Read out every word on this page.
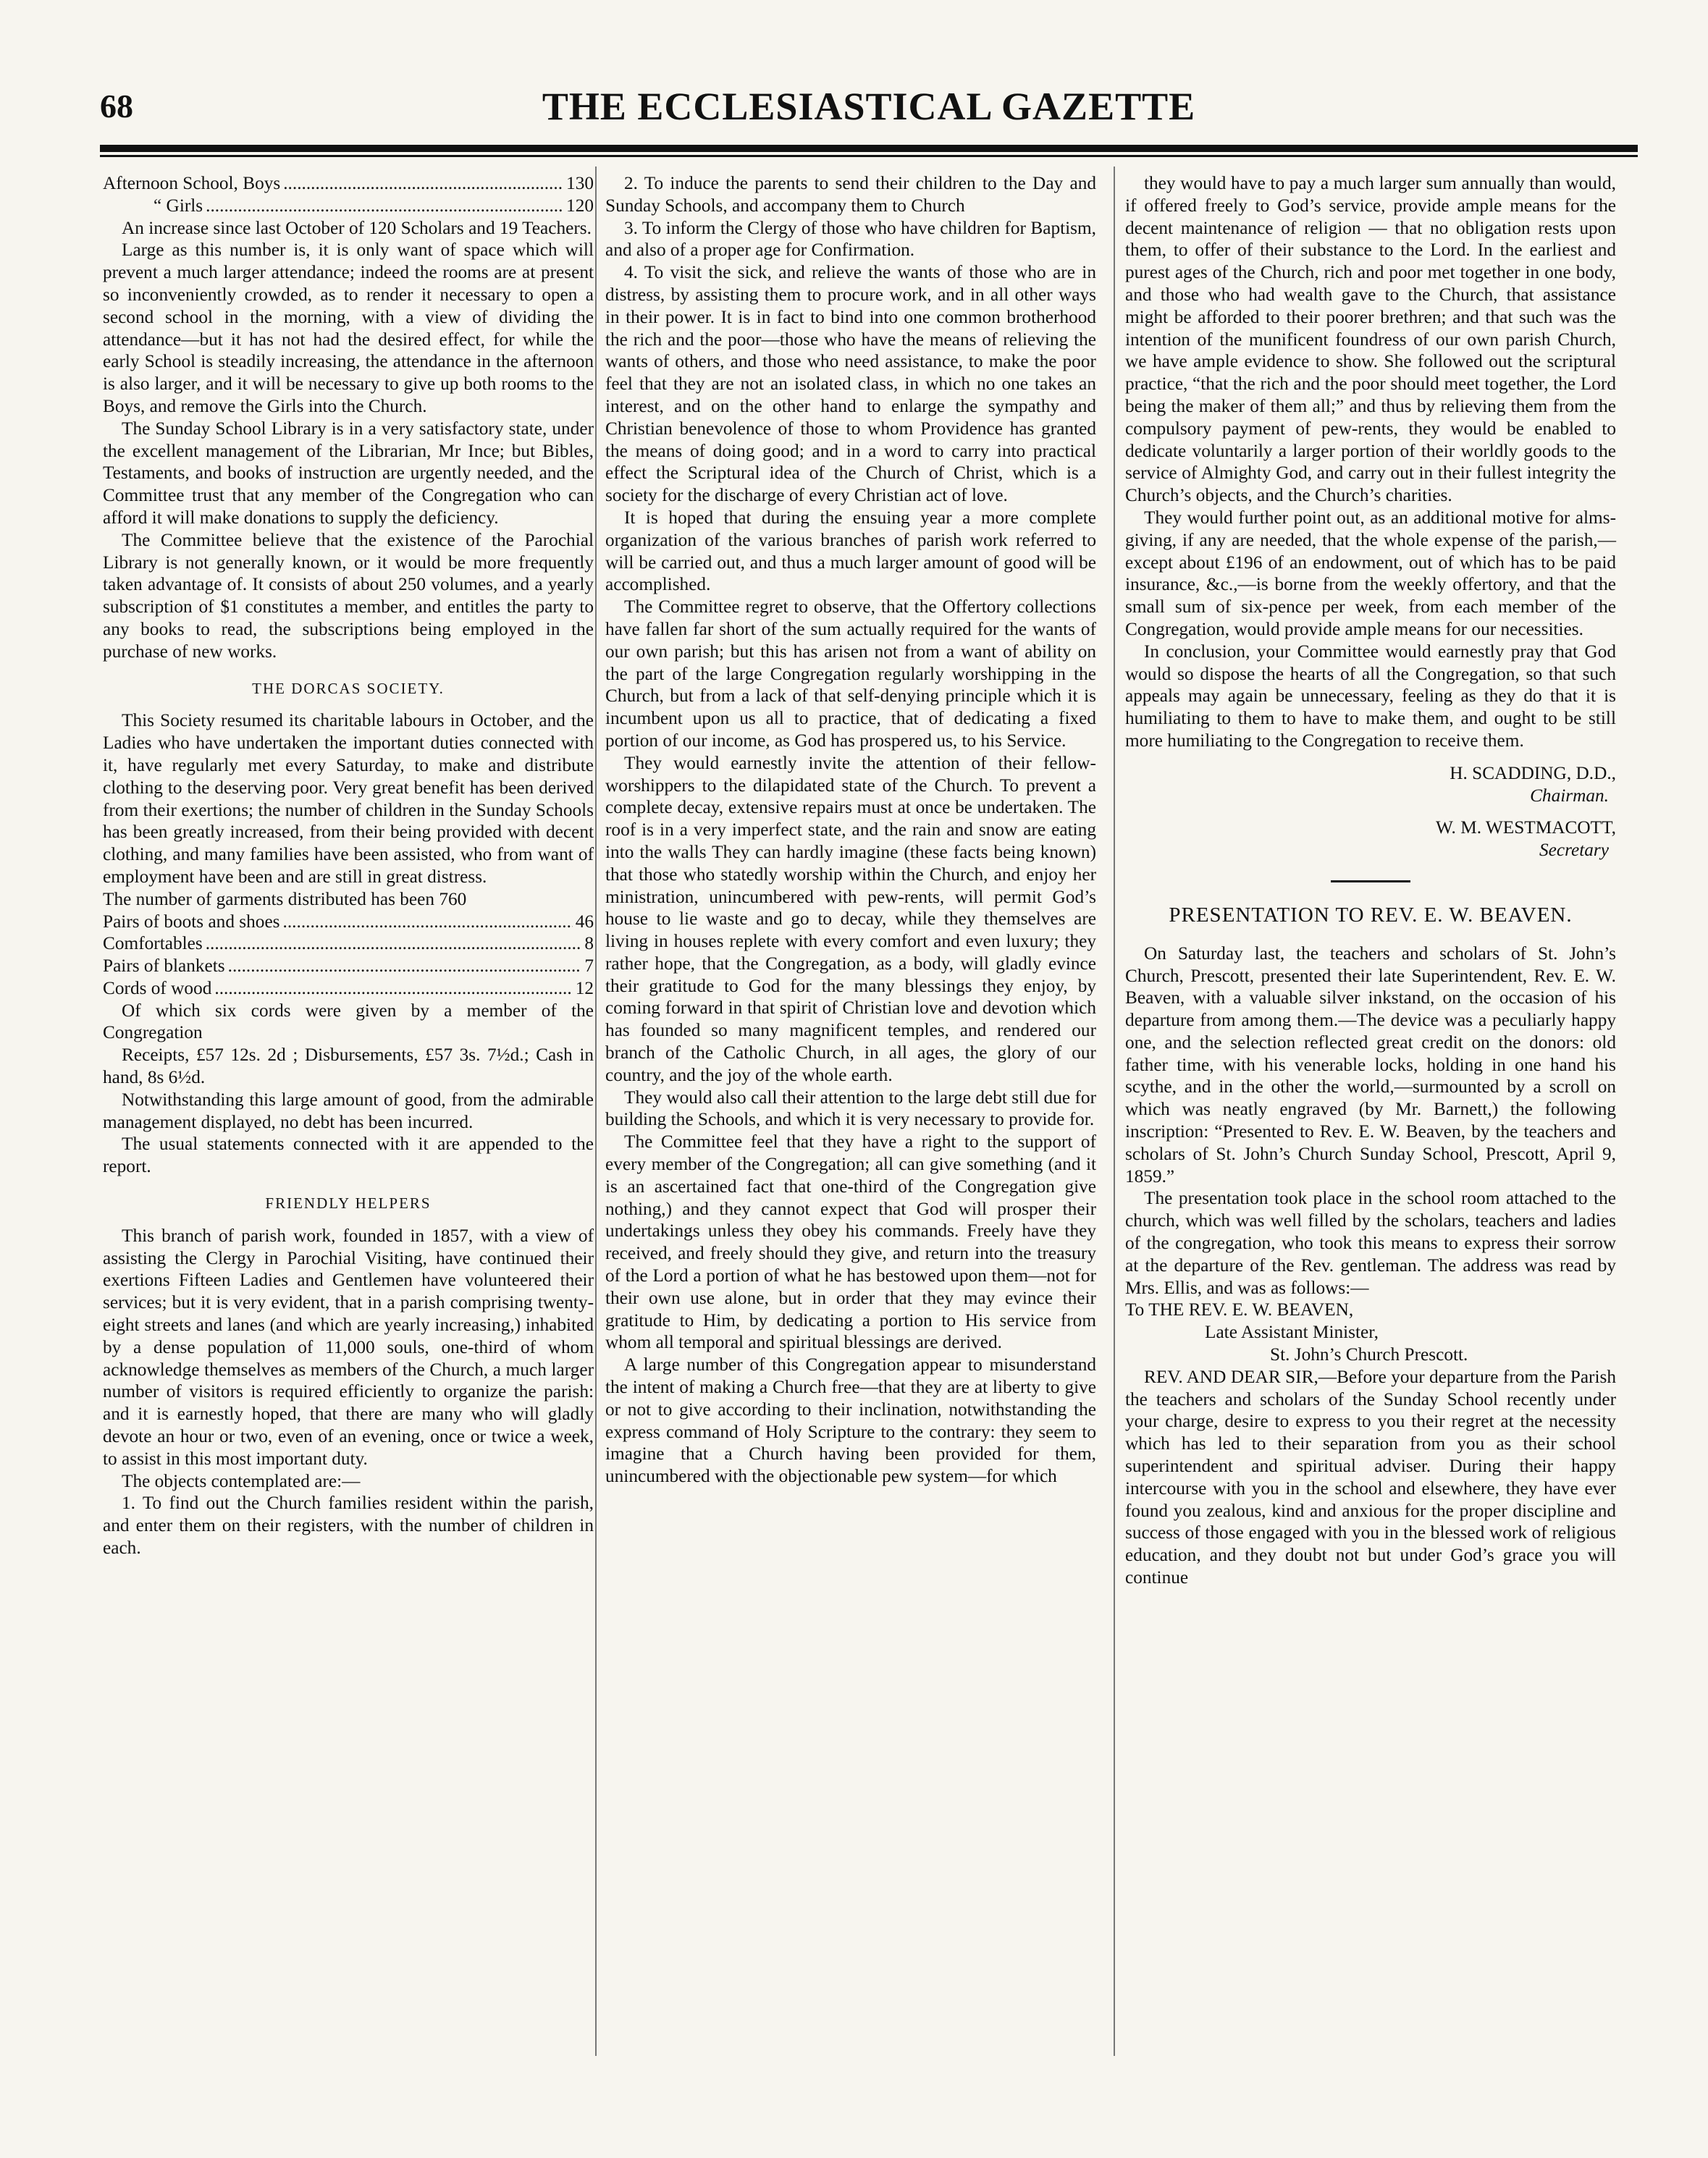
68	THE ECCLESIASTICAL GAZETTE
Afternoon School, Boys .....	130
“ Girls .....	120

An increase since last October of 120 Scholars and 19 Teachers.

Large as this number is, it is only want of space which will prevent a much larger attendance; indeed the rooms are at present so inconveniently crowded, as to render it necessary to open a second school in the morning, with a view of dividing the attendance—but it has not had the desired effect, for while the early School is steadily increasing, the attendance in the afternoon is also larger, and it will be necessary to give up both rooms to the Boys, and remove the Girls into the Church.

The Sunday School Library is in a very satisfactory state, under the excellent management of the Librarian, Mr Ince; but Bibles, Testaments, and books of instruction are urgently needed, and the Committee trust that any member of the Congregation who can afford it will make donations to supply the deficiency.

The Committee believe that the existence of the Parochial Library is not generally known, or it would be more frequently taken advantage of. It consists of about 250 volumes, and a yearly subscription of $1 constitutes a member, and entitles the party to any books to read, the subscriptions being employed in the purchase of new works.

THE DORCAS SOCIETY.

This Society resumed its charitable labours in October, and the Ladies who have undertaken the important duties connected with it, have regularly met every Saturday, to make and distribute clothing to the deserving poor. Very great benefit has been derived from their exertions; the number of children in the Sunday Schools has been greatly increased, from their being provided with decent clothing, and many families have been assisted, who from want of employment have been and are still in great distress.

The number of garments distributed has been 760

Pairs of boots and shoes .....	46
Comfortables .....	8
Pairs of blankets .....	7
Cords of wood .....	12

Of which six cords were given by a member of the Congregation

Receipts, £57 12s. 2d ; Disbursements, £57 3s. 7½d.; Cash in hand, 8s 6½d.

Notwithstanding this large amount of good, from the admirable management displayed, no debt has been incurred.

The usual statements connected with it are appended to the report.

FRIENDLY HELPERS

This branch of parish work, founded in 1857, with a view of assisting the Clergy in Parochial Visiting, have continued their exertions Fifteen Ladies and Gentlemen have volunteered their services; but it is very evident, that in a parish comprising twenty-eight streets and lanes (and which are yearly increasing,) inhabited by a dense population of 11,000 souls, one-third of whom acknowledge themselves as members of the Church, a much larger number of visitors is required efficiently to organize the parish: and it is earnestly hoped, that there are many who will gladly devote an hour or two, even of an evening, once or twice a week, to assist in this most important duty.

The objects contemplated are:—

1. To find out the Church families resident within the parish, and enter them on their registers, with the number of children in each.

2. To induce the parents to send their children to the Day and Sunday Schools, and accompany them to Church

3. To inform the Clergy of those who have children for Baptism, and also of a proper age for Confirmation.

4. To visit the sick, and relieve the wants of those who are in distress, by assisting them to procure work, and in all other ways in their power. It is in fact to bind into one common brotherhood the rich and the poor—those who have the means of relieving the wants of others, and those who need assistance, to make the poor feel that they are not an isolated class, in which no one takes an interest, and on the other hand to enlarge the sympathy and Christian benevolence of those to whom Providence has granted the means of doing good; and in a word to carry into practical effect the Scriptural idea of the Church of Christ, which is a society for the discharge of every Christian act of love.

It is hoped that during the ensuing year a more complete organization of the various branches of parish work referred to will be carried out, and thus a much larger amount of good will be accomplished.

The Committee regret to observe, that the Offertory collections have fallen far short of the sum actually required for the wants of our own parish; but this has arisen not from a want of ability on the part of the large Congregation regularly worshipping in the Church, but from a lack of that self-denying principle which it is incumbent upon us all to practice, that of dedicating a fixed portion of our income, as God has prospered us, to his Service.

They would earnestly invite the attention of their fellow-worshippers to the dilapidated state of the Church. To prevent a complete decay, extensive repairs must at once be undertaken. The roof is in a very imperfect state, and the rain and snow are eating into the walls They can hardly imagine (these facts being known) that those who statedly worship within the Church, and enjoy her ministration, unincumbered with pew-rents, will permit God’s house to lie waste and go to decay, while they themselves are living in houses replete with every comfort and even luxury; they rather hope, that the Congregation, as a body, will gladly evince their gratitude to God for the many blessings they enjoy, by coming forward in that spirit of Christian love and devotion which has founded so many magnificent temples, and rendered our branch of the Catholic Church, in all ages, the glory of our country, and the joy of the whole earth.

They would also call their attention to the large debt still due for building the Schools, and which it is very necessary to provide for.

The Committee feel that they have a right to the support of every member of the Congregation; all can give something (and it is an ascertained fact that one-third of the Congregation give nothing,) and they cannot expect that God will prosper their undertakings unless they obey his commands. Freely have they received, and freely should they give, and return into the treasury of the Lord a portion of what he has bestowed upon them—not for their own use alone, but in order that they may evince their gratitude to Him, by dedicating a portion to His service from whom all temporal and spiritual blessings are derived.

A large number of this Congregation appear to misunderstand the intent of making a Church free—that they are at liberty to give or not to give according to their inclination, notwithstanding the express command of Holy Scripture to the contrary: they seem to imagine that a Church having been provided for them, unincumbered with the objectionable pew system—for which

they would have to pay a much larger sum annually than would, if offered freely to God’s service, provide ample means for the decent maintenance of religion — that no obligation rests upon them, to offer of their substance to the Lord. In the earliest and purest ages of the Church, rich and poor met together in one body, and those who had wealth gave to the Church, that assistance might be afforded to their poorer brethren; and that such was the intention of the munificent foundress of our own parish Church, we have ample evidence to show. She followed out the scriptural practice, “that the rich and the poor should meet together, the Lord being the maker of them all;” and thus by relieving them from the compulsory payment of pew-rents, they would be enabled to dedicate voluntarily a larger portion of their worldly goods to the service of Almighty God, and carry out in their fullest integrity the Church’s objects, and the Church’s charities.

They would further point out, as an additional motive for alms-giving, if any are needed, that the whole expense of the parish,—except about £196 of an endowment, out of which has to be paid insurance, &c.,—is borne from the weekly offertory, and that the small sum of six-pence per week, from each member of the Congregation, would provide ample means for our necessities.

In conclusion, your Committee would earnestly pray that God would so dispose the hearts of all the Congregation, so that such appeals may again be unnecessary, feeling as they do that it is humiliating to them to have to make them, and ought to be still more humiliating to the Congregation to receive them.

H. SCADDING, D.D.,

Chairman.

W. M. WESTMACOTT,

Secretary

PRESENTATION TO REV. E. W. BEAVEN.

On Saturday last, the teachers and scholars of St. John’s Church, Prescott, presented their late Superintendent, Rev. E. W. Beaven, with a valuable silver inkstand, on the occasion of his departure from among them.—The device was a peculiarly happy one, and the selection reflected great credit on the donors: old father time, with his venerable locks, holding in one hand his scythe, and in the other the world,—surmounted by a scroll on which was neatly engraved (by Mr. Barnett,) the following inscription: “Presented to Rev. E. W. Beaven, by the teachers and scholars of St. John’s Church Sunday School, Prescott, April 9, 1859.”

The presentation took place in the school room attached to the church, which was well filled by the scholars, teachers and ladies of the congregation, who took this means to express their sorrow at the departure of the Rev. gentleman. The address was read by Mrs. Ellis, and was as follows:—

To THE REV. E. W. BEAVEN,

Late Assistant Minister,

St. John’s Church Prescott.

REV. AND DEAR SIR,—Before your departure from the Parish the teachers and scholars of the Sunday School recently under your charge, desire to express to you their regret at the necessity which has led to their separation from you as their school superintendent and spiritual adviser. During their happy intercourse with you in the school and elsewhere, they have ever found you zealous, kind and anxious for the proper discipline and success of those engaged with you in the blessed work of religious education, and they doubt not but under God’s grace you will continue
